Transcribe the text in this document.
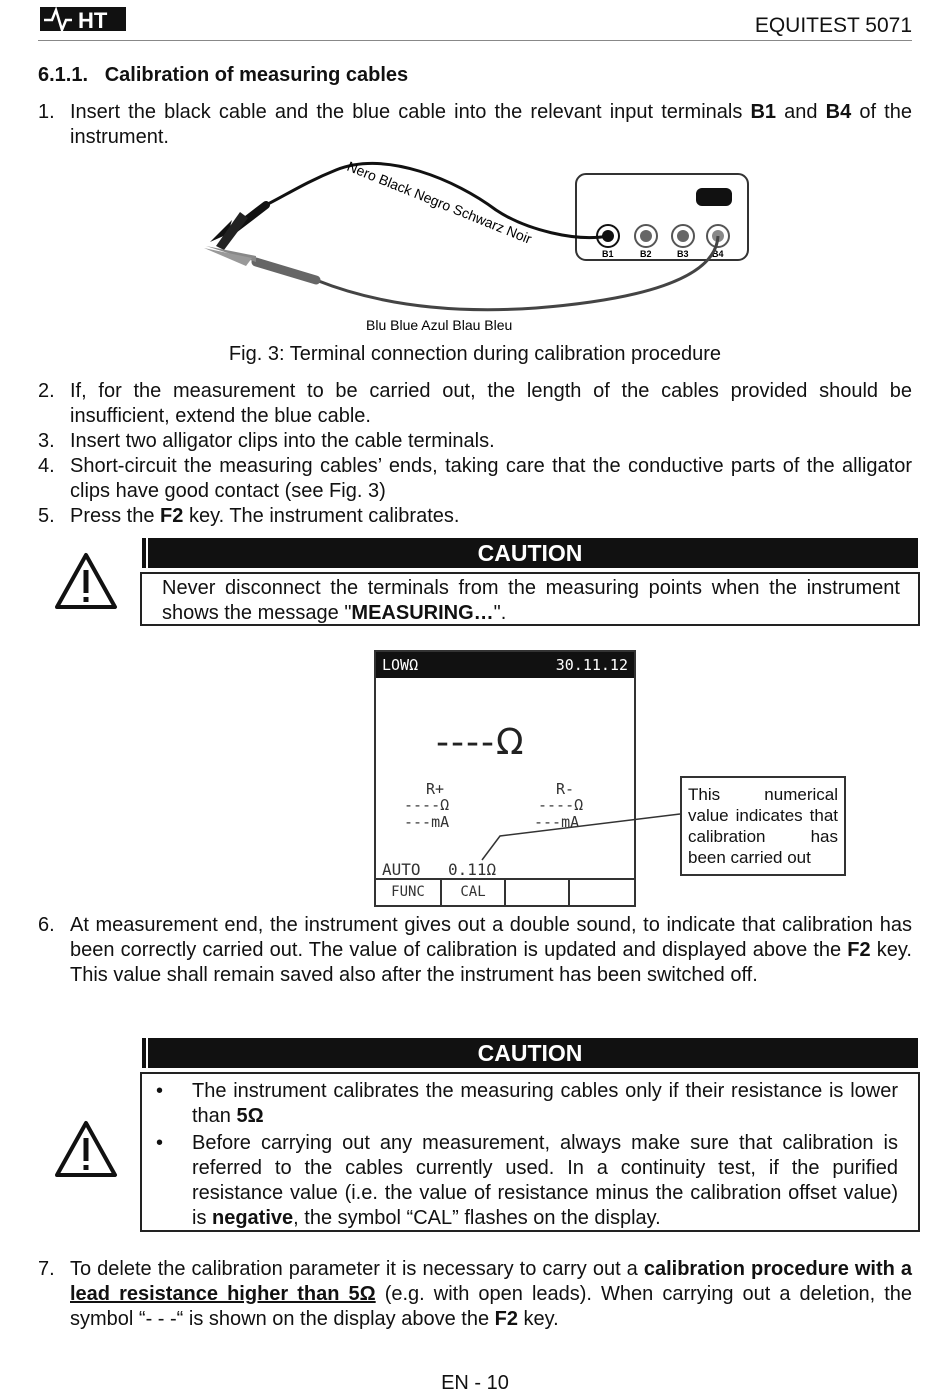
HT	EQUITEST 5071
6.1.1.   Calibration of measuring cables
1. Insert the black cable and the blue cable into the relevant input terminals B1 and B4 of the instrument.
B1	B2	B3	B4
Nero Black Negro Schwarz Noir
Blu Blue Azul Blau Bleu
Fig. 3: Terminal connection during calibration procedure
2. If, for the measurement to be carried out, the length of the cables provided should be insufficient, extend the blue cable.
3. Insert two alligator clips into the cable terminals.
4. Short-circuit the measuring cables’ ends, taking care that the conductive parts of the alligator clips have good contact (see Fig. 3)
5. Press the F2 key. The instrument calibrates.
CAUTION
Never disconnect the terminals from the measuring points when the instrument shows the message "MEASURING…".
LOWΩ	30.11.12
----Ω
R+
----Ω
---mA
R-
----Ω
---mA
AUTO 0.11Ω
FUNC	CAL
This numerical value indicates that calibration has been carried out
6. At measurement end, the instrument gives out a double sound, to indicate that calibration has been correctly carried out. The value of calibration is updated and displayed above the F2 key. This value shall remain saved also after the instrument has been switched off.
CAUTION
• The instrument calibrates the measuring cables only if their resistance is lower than 5Ω
• Before carrying out any measurement, always make sure that calibration is referred to the cables currently used. In a continuity test, if the purified resistance value (i.e. the value of resistance minus the calibration offset value) is negative, the symbol “CAL” flashes on the display.
7. To delete the calibration parameter it is necessary to carry out a calibration procedure with a lead resistance higher than 5Ω (e.g. with open leads). When carrying out a deletion, the symbol “- - -“ is shown on the display above the F2 key.
EN - 10
